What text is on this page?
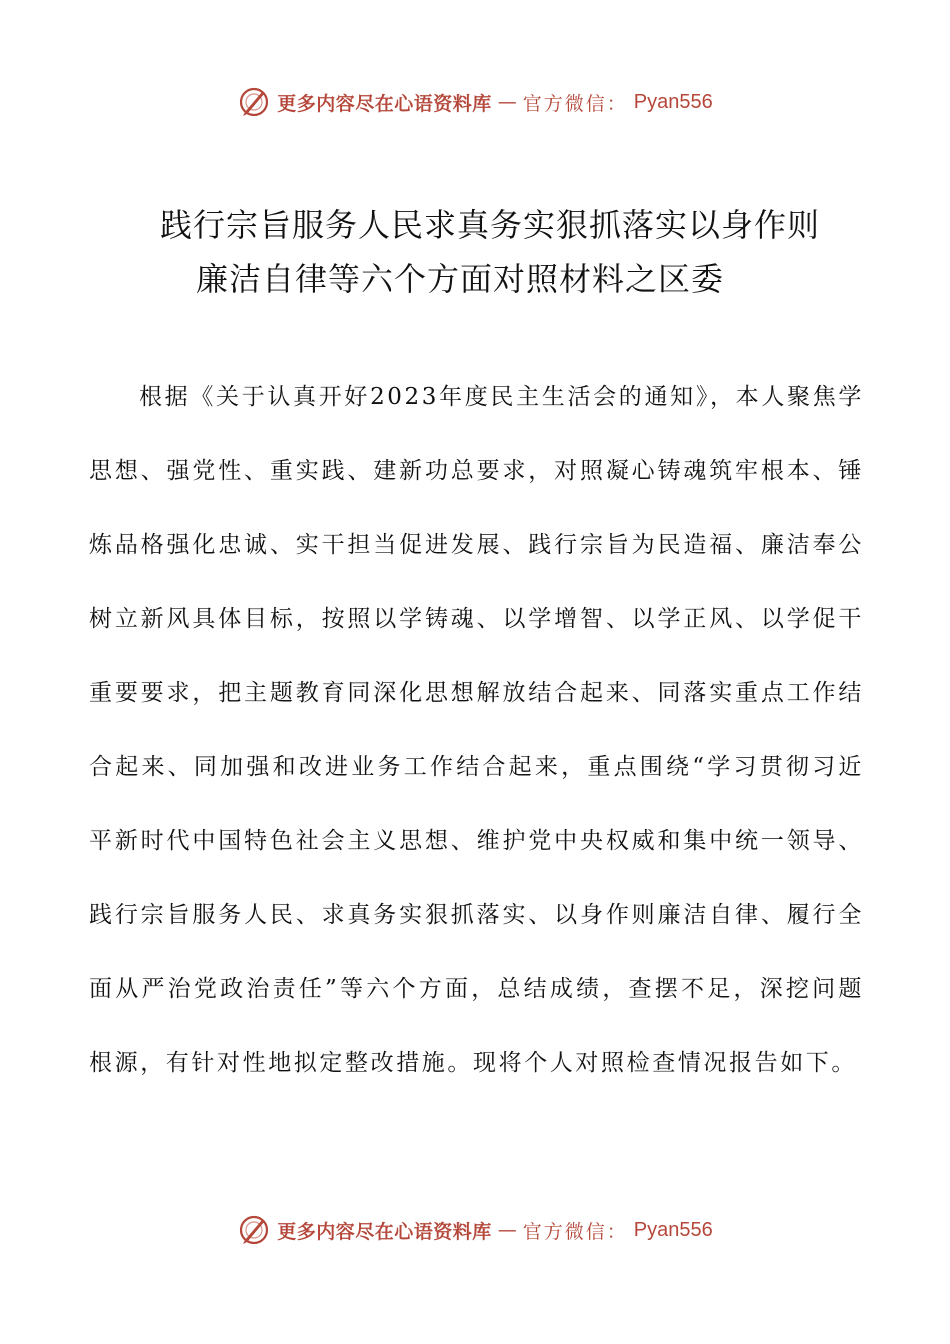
更多内容尽在心语资料库 — 官方微信： Pyan556
践行宗旨服务人民求真务实狠抓落实以身作则
廉洁自律等六个方面对照材料之区委

根据《关于认真开好2023年度民主生活会的通知》，本人聚焦学思想、强党性、重实践、建新功总要求，对照凝心铸魂筑牢根本、锤炼品格强化忠诚、实干担当促进发展、践行宗旨为民造福、廉洁奉公树立新风具体目标，按照以学铸魂、以学增智、以学正风、以学促干重要要求，把主题教育同深化思想解放结合起来、同落实重点工作结合起来、同加强和改进业务工作结合起来，重点围绕“学习贯彻习近平新时代中国特色社会主义思想、维护党中央权威和集中统一领导、践行宗旨服务人民、求真务实狠抓落实、以身作则廉洁自律、履行全面从严治党政治责任”等六个方面，总结成绩，查摆不足，深挖问题根源，有针对性地拟定整改措施。现将个人对照检查情况报告如下。

更多内容尽在心语资料库 — 官方微信： Pyan556
